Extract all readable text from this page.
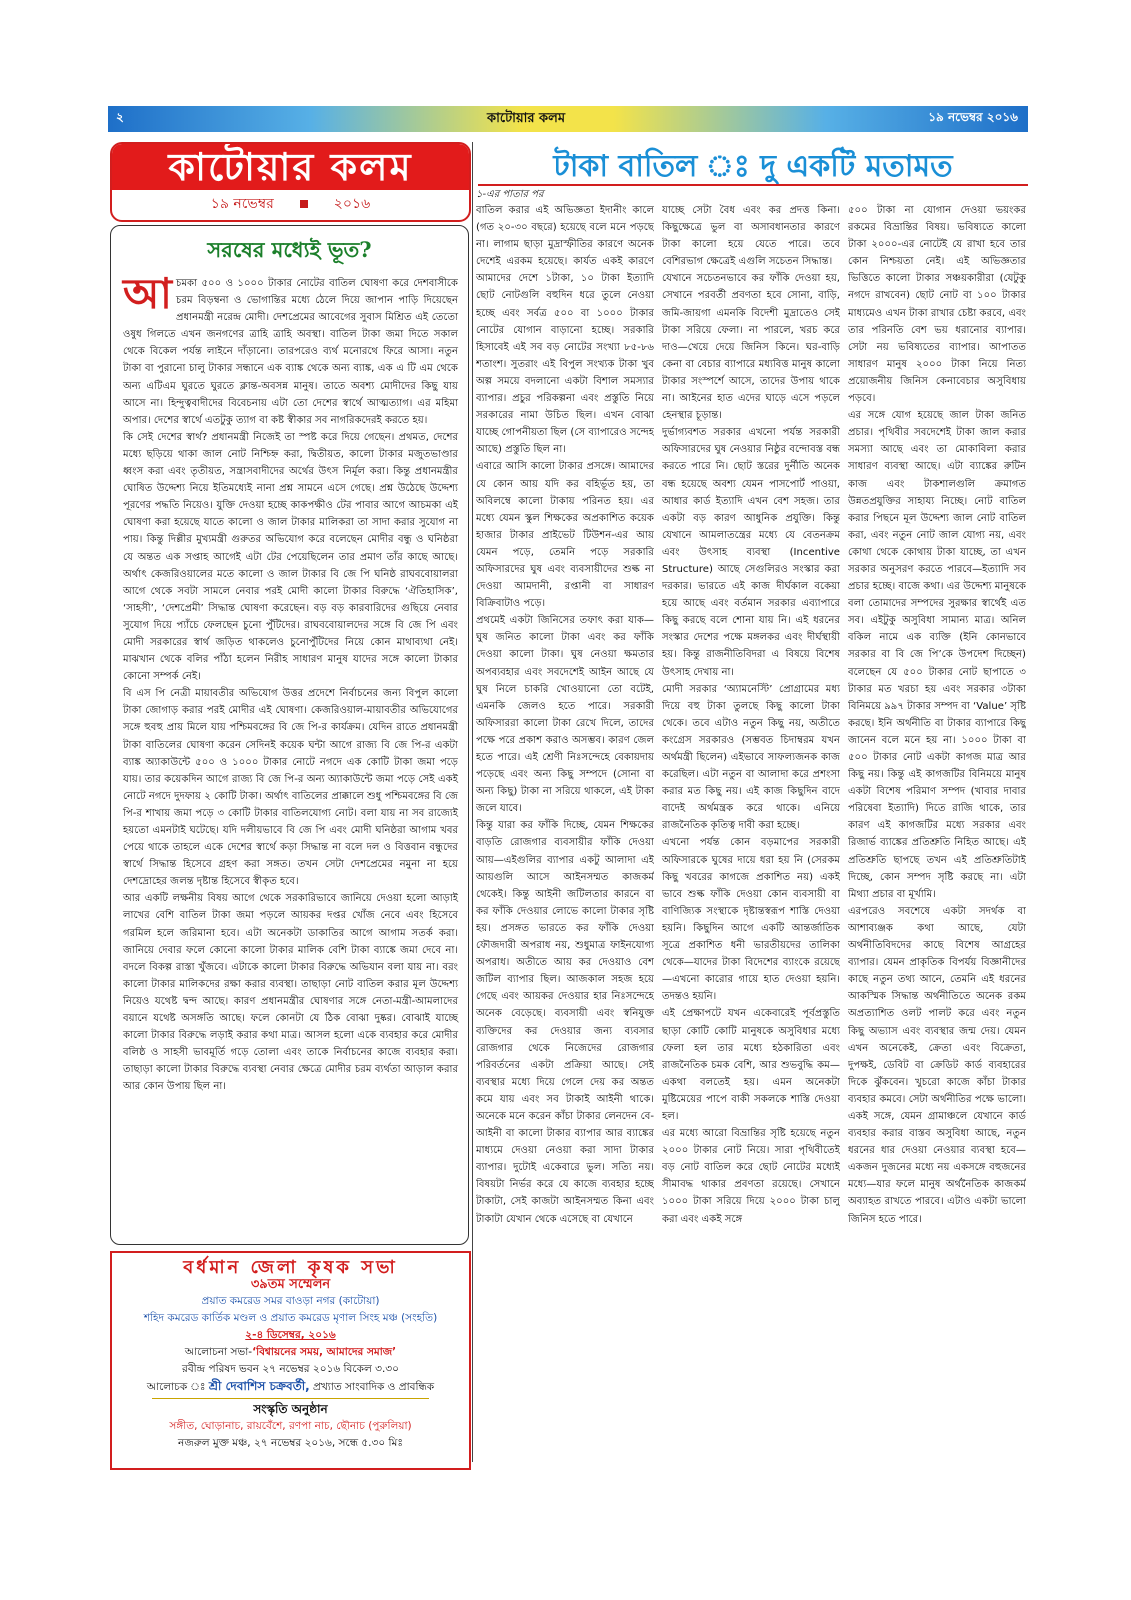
২	কাটোয়ার কলম	১৯ নভেম্বর ২০১৬
কাটোয়ার কলম
১৯ নভেম্বর	২০১৬
সরষের মধ্যেই ভূত?

আচমকা ৫০০ ও ১০০০ টাকার নোটের বাতিল ঘোষণা করে দেশবাসীকে চরম বিড়ম্বনা ও ভোগান্তির মধ্যে ঠেলে দিয়ে জাপান পাড়ি দিয়েছেন প্রধানমন্ত্রী নরেন্দ্র মোদী। দেশপ্রেমের আবেগের সুবাস মিশ্রিত এই তেতো ওষুধ গিলতে এখন জনগণের ত্রাহি ত্রাহি অবস্থা। বাতিল টাকা জমা দিতে সকাল থেকে বিকেল পর্যন্ত লাইনে দাঁড়ানো। তারপরেও ব্যর্থ মনোরথে ফিরে আসা। নতুন টাকা বা পুরানো চালু টাকার সন্ধানে এক ব্যাঙ্ক থেকে অন্য ব্যাঙ্ক, এক এ টি এম থেকে অন্য এটিএম ঘুরতে ঘুরতে ক্লান্ত-অবসন্ন মানুষ। তাতে অবশ্য মোদীদের কিছু যায় আসে না। হিন্দুত্ববাদীদের বিবেচনায় এটা তো দেশের স্বার্থে আত্মত্যাগ। এর মহিমা অপার। দেশের স্বার্থে এতটুকু ত্যাগ বা কষ্ট স্বীকার সব নাগরিকদেরই করতে হয়।

কি সেই দেশের স্বার্থ? প্রধানমন্ত্রী নিজেই তা স্পষ্ট করে দিয়ে গেছেন। প্রথমত, দেশের মধ্যে ছড়িয়ে থাকা জাল নোট নিশ্চিহ্ন করা, দ্বিতীয়ত, কালো টাকার মজুতভাণ্ডার ধ্বংস করা এবং তৃতীয়ত, সন্ত্রাসবাদীদের অর্থের উৎস নির্মূল করা। কিন্তু প্রধানমন্ত্রীর ঘোষিত উদ্দেশ্য নিয়ে ইতিমধ্যেই নানা প্রশ্ন সামনে এসে গেছে। প্রশ্ন উঠেছে উদ্দেশ্য পূরণের পদ্ধতি নিয়েও। যুক্তি দেওয়া হচ্ছে কাকপক্ষীও টের পাবার আগে আচমকা এই ঘোষণা করা হয়েছে যাতে কালো ও জাল টাকার মালিকরা তা সাদা করার সুযোগ না পায়। কিন্তু দিল্লীর মুখ্যমন্ত্রী গুরুতর অভিযোগ করে বলেছেন মোদীর বন্ধু ও ঘনিষ্ঠরা যে অন্তত এক সপ্তাহ আগেই এটা টের পেয়েছিলেন তার প্রমাণ তাঁর কাছে আছে। অর্থাৎ কেজরিওয়ালের মতে কালো ও জাল টাকার বি জে পি ঘনিষ্ঠ রাঘববোয়ালরা আগে থেকে সবটা সামলে নেবার পরই মোদী কালো টাকার বিরুদ্ধে ‘ঐতিহাসিক’, ‘সাহসী’, ‘দেশপ্রেমী’ সিদ্ধান্ত ঘোষণা করেছেন। বড় বড় কারবারিদের গুছিয়ে নেবার সুযোগ দিয়ে প্যাঁচে ফেলছেন চুনো পুঁটিদের। রাঘববোয়ালদের সঙ্গে বি জে পি এবং মোদী সরকারের স্বার্থ জড়িত থাকলেও চুনোপুঁটিদের নিয়ে কোন মাথাব্যথা নেই। মাঝখান থেকে বলির পাঁঠা হলেন নিরীহ সাধারণ মানুষ যাদের সঙ্গে কালো টাকার কোনো সম্পর্ক নেই।

বি এস পি নেত্রী মায়াবতীর অভিযোগ উত্তর প্রদেশে নির্বাচনের জন্য বিপুল কালো টাকা জোগাড় করার পরই মোদীর এই ঘোষণা। কেজরিওয়াল-মায়াবতীর অভিযোগের সঙ্গে হুবহু প্রায় মিলে যায় পশ্চিমবঙ্গের বি জে পি-র কার্যক্রম। যেদিন রাতে প্রধানমন্ত্রী টাকা বাতিলের ঘোষণা করেন সেদিনই কয়েক ঘন্টা আগে রাজ্য বি জে পি-র একটা ব্যাঙ্ক অ্যাকাউন্টে ৫০০ ও ১০০০ টাকার নোটে নগদে এক কোটি টাকা জমা পড়ে যায়। তার কয়েকদিন আগে রাজ্য বি জে পি-র অন্য অ্যাকাউন্টে জমা পড়ে সেই একই নোটে নগদে দুদফায় ২ কোটি টাকা। অর্থাৎ বাতিলের প্রাক্কালে শুধু পশ্চিমবঙ্গের বি জে পি-র শাখায় জমা পড়ে ৩ কোটি টাকার বাতিলযোগ্য নোট। বলা যায় না সব রাজ্যেই হয়তো এমনটাই ঘটেছে। যদি দলীয়ভাবে বি জে পি এবং মোদী ঘনিষ্ঠরা আগাম খবর পেয়ে থাকে তাহলে একে দেশের স্বার্থে কড়া সিদ্ধান্ত না বলে দল ও বিত্তবান বন্ধুদের স্বার্থে সিদ্ধান্ত হিসেবে গ্রহণ করা সঙ্গত। তখন সেটা দেশপ্রেমের নমুনা না হয়ে দেশদ্রোহের জলন্ত দৃষ্টান্ত হিসেবে স্বীকৃত হবে।

আর একটি লক্ষনীয় বিষয় আগে থেকে সরকারিভাবে জানিয়ে দেওয়া হলো আড়াই লাখের বেশি বাতিল টাকা জমা পড়লে আয়কর দপ্তর খোঁজ নেবে এবং হিসেবে গরমিল হলে জরিমানা হবে। এটা অনেকটা ডাকাতির আগে আগাম সতর্ক করা। জানিয়ে দেবার ফলে কোনো কালো টাকার মালিক বেশি টাকা ব্যাঙ্কে জমা দেবে না। বদলে বিকল্প রাস্তা খুঁজবে। এটাকে কালো টাকার বিরুদ্ধে অভিযান বলা যায় না। বরং কালো টাকার মালিকদের রক্ষা করার ব্যবস্থা। তাছাড়া নোট বাতিল করার মূল উদ্দেশ্য নিয়েও যথেষ্ট দ্বন্দ আছে। কারণ প্রধানমন্ত্রীর ঘোষণার সঙ্গে নেতা-মন্ত্রী-আমলাদের বয়ানে যথেষ্ট অসঙ্গতি আছে। ফলে কোনটা যে ঠিক বোঝা দুষ্কর। বোঝাই যাচ্ছে কালো টাকার বিরুদ্ধে লড়াই করার কথা মাত্র। আসল হলো একে ব্যবহার করে মোদীর বলিষ্ঠ ও সাহসী ভাবমূর্তি গড়ে তোলা এবং তাকে নির্বাচনের কাজে ব্যবহার করা। তাছাড়া কালো টাকার বিরুদ্ধে ব্যবস্থা নেবার ক্ষেত্রে মোদীর চরম ব্যর্থতা আড়াল করার আর কোন উপায় ছিল না।

বর্ধমান জেলা কৃষক সভা
৩৯তম সম্মেলন
প্রয়াত কমরেড সমর বাওড়া নগর (কাটোয়া)
শহিদ কমরেড কার্তিক মণ্ডল ও প্রয়াত কমরেড মৃণাল সিংহ মঞ্চ (সংহতি)
২-৪ ডিসেম্বর, ২০১৬
আলোচনা সভা-‘বিশ্বায়নের সময়, আমাদের সমাজ’
রবীন্দ্র পরিষদ ভবন ২৭ নভেম্বর ২০১৬ বিকেল ৩.৩০
আলোচক ঃ শ্রী দেবাশিস চক্রবর্তী, প্রখ্যাত সাংবাদিক ও প্রাবন্ধিক
সংস্কৃতি অনুষ্ঠান
সঙ্গীত, ঘোড়ানাচ, রায়বেঁশে, রণপা নাচ, ছৌনাচ (পুরুলিয়া)
নজরুল মুক্ত মঞ্চ, ২৭ নভেম্বর ২০১৬, সন্ধে ৫.৩০ মিঃ
টাকা বাতিল ঃ দু একটি মতামত
১-এর পাতার পর

বাতিল করার এই অভিজ্ঞতা ইদানীং কালে (গত ২০-৩০ বছরে) হয়েছে বলে মনে পড়ছে না। লাগাম ছাড়া মুদ্রাস্ফীতির কারণে অনেক দেশেই এরকম হয়েছে। কার্যত একই কারণে আমাদের দেশে ১টাকা, ১০ টাকা ইত্যাদি ছোট নোটগুলি বহুদিন ধরে তুলে নেওয়া হচ্ছে এবং সর্বত্র ৫০০ বা ১০০০ টাকার নোটের যোগান বাড়ানো হচ্ছে। সরকারি হিসাবেই এই সব বড় নোটের সংখ্যা ৮৫-৮৬ শতাংশ। সুতরাং এই বিপুল সংখ্যক টাকা খুব অল্প সময়ে বদলানো একটা বিশাল সমস্যার ব্যাপার। প্রচুর পরিকল্পনা এবং প্রস্তুতি নিয়ে সরকারের নামা উচিত ছিল। এখন বোঝা যাচ্ছে গোপনীয়তা ছিল (সে ব্যাপারেও সন্দেহ আছে) প্রস্তুতি ছিল না।

এবারে আসি কালো টাকার প্রসঙ্গে। আমাদের যে কোন আয় যদি কর বহির্ভূত হয়, তা অবিলম্বে কালো টাকায় পরিনত হয়। এর মধ্যে যেমন স্কুল শিক্ষকের অপ্রকাশিত কয়েক হাজার টাকার প্রাইভেট টিউশন-এর আয় যেমন পড়ে, তেমনি পড়ে সরকারি অফিসারদের ঘুষ এবং ব্যবসায়ীদের শুল্ক না দেওয়া আমদানী, রপ্তানী বা সাধারণ বিক্রিবাটাও পড়ে।

প্রথমেই একটা জিনিসের তফাৎ করা যাক— ঘুষ জনিত কালো টাকা এবং কর ফাঁকি দেওয়া কালো টাকা। ঘুষ নেওয়া ক্ষমতার অপব্যবহার এবং সবদেশেই আইন আছে যে ঘুষ নিলে চাকরি খোওয়ানো তো বটেই, এমনকি জেলও হতে পারে। সরকারী অফিসাররা কালো টাকা রেখে দিলে, তাদের পক্ষে পরে প্রকাশ করাও অসম্ভব। কারণ জেল হতে পারে। এই শ্রেণী নিঃসন্দেহে বেকায়দায় পড়েছে এবং অন্য কিছু সম্পদে (সোনা বা অন্য কিছু) টাকা না সরিয়ে থাকলে, এই টাকা জলে যাবে।

কিন্তু যারা কর ফাঁকি দিচ্ছে, যেমন শিক্ষকের বাড়তি রোজগার ব্যবসায়ীর ফাঁকি দেওয়া আয়—এইগুলির ব্যাপার একটু আলাদা এই আয়গুলি আসে আইনসম্মত কাজকর্ম থেকেই। কিন্তু আইনী জটিলতার কারনে বা কর ফাঁকি দেওয়ার লোভে কালো টাকার সৃষ্টি হয়। প্রসঙ্গত ভারতে কর ফাঁকি দেওয়া ফৌজদারী অপরাধ নয়, শুধুমাত্র ফাইনযোগ্য অপরাধ। অতীতে আয় কর দেওয়াও বেশ জটিল ব্যাপার ছিল। আজকাল সহজ হয়ে গেছে এবং আয়কর দেওয়ার হার নিঃসন্দেহে অনেক বেড়েছে। ব্যবসায়ী এবং স্বনিযুক্ত ব্যক্তিদের কর দেওয়ার জন্য ব্যবসার রোজগার থেকে নিজেদের রোজগার পরিবর্তনের একটা প্রক্রিয়া আছে। সেই ব্যবস্থার মধ্যে দিয়ে গেলে দেয় কর অন্তত কমে যায় এবং সব টাকাই আইনী থাকে। অনেকে মনে করেন কাঁচা টাকার লেনদেন বে-আইনী বা কালো টাকার ব্যাপার আর ব্যাঙ্কের মাধ্যমে দেওয়া নেওয়া করা সাদা টাকার ব্যাপার। দুটোই একেবারে ভুল। সত্যি নয়। বিষয়টা নির্ভর করে যে কাজে ব্যবহার হচ্ছে টাকাটা, সেই কাজটা আইনসম্মত কিনা এবং টাকাটা যেখান থেকে এসেছে বা যেখানে

যাচ্ছে সেটা বৈধ এবং কর প্রদত্ত কিনা। কিছুক্ষেত্রে ভুল বা অসাবধানতার কারণে টাকা কালো হয়ে যেতে পারে। তবে বেশিরভাগ ক্ষেত্রেই এগুলি সচেতন সিদ্ধান্ত।

যেখানে সচেতনভাবে কর ফাঁকি দেওয়া হয়, সেখানে পরবর্তী প্রবণতা হবে সোনা, বাড়ি, জমি-জায়গা এমনকি বিদেশী মুদ্রাতেও সেই টাকা সরিয়ে ফেলা। না পারলে, খরচ করে দাও—খেয়ে দেয়ে জিনিস কিনে। ঘর-বাড়ি কেনা বা বেচার ব্যাপারে মধ্যবিত্ত মানুষ কালো টাকার সংস্পর্শে আসে, তাদের উপায় থাকে না। আইনের হাত এদের ঘাড়ে এসে পড়লে হেনস্থার চূড়ান্ত।

দুর্ভাগ্যবশত সরকার এখনো পর্যন্ত সরকারী অফিসারদের ঘুষ নেওয়ার নিষ্ঠুর বন্দোবস্ত বন্ধ করতে পারে নি। ছোট স্তরের দুর্নীতি অনেক বন্ধ হয়েছে অবশ্য যেমন পাসপোর্ট পাওয়া, আধার কার্ড ইত্যাদি এখন বেশ সহজ। তার একটা বড় কারণ আধুনিক প্রযুক্তি। কিন্তু যেখানে আমলাতন্ত্রের মধ্যে যে বেতনক্রম এবং উৎসাহ ব্যবস্থা (Incentive Structure) আছে সেগুলিরও সংস্কার করা দরকার। ভারতে এই কাজ দীর্ঘকাল বকেয়া হয়ে আছে এবং বর্তমান সরকার এব্যাপারে কিছু করছে বলে শোনা যায় নি। এই ধরনের সংস্কার দেশের পক্ষে মঙ্গলকর এবং দীর্ঘস্থায়ী হয়। কিন্তু রাজনীতিবিদরা এ বিষয়ে বিশেষ উৎসাহ দেখায় না।

মোদী সরকার ‘অ্যামনেস্টি’ প্রোগ্রামের মধ্য দিয়ে বহু টাকা তুলছে কিছু কালো টাকা থেকে। তবে এটাও নতুন কিছু নয়, অতীতে কংগ্রেস সরকারও (সম্ভবত চিদাম্বরম যখন অর্থমন্ত্রী ছিলেন) এইভাবে সাফল্যজনক কাজ করেছিল। এটা নতুন বা আলাদা করে প্রশংসা করার মত কিছু নয়। এই কাজ কিছুদিন বাদে বাদেই অর্থমন্ত্রক করে থাকে। এনিয়ে রাজনৈতিক কৃতিত্ব দাবী করা হচ্ছে।

এখনো পর্যন্ত কোন বড়মাপের সরকারী অফিসারকে ঘুষের দায়ে ধরা হয় নি (সেরকম কিছু খবরের কাগজে প্রকাশিত নয়) একই ভাবে শুল্ক ফাঁকি দেওয়া কোন ব্যবসায়ী বা বাণিজ্যিক সংস্থাকে দৃষ্টান্তস্বরূপ শাস্তি দেওয়া হয়নি। কিছুদিন আগে একটি আন্তর্জাতিক সূত্রে প্রকাশিত ধনী ভারতীয়দের তালিকা থেকে—যাদের টাকা বিদেশের ব্যাংকে রয়েছে—এখনো কারোর গায়ে হাত দেওয়া হয়নি। তদন্তও হয়নি।

এই প্রেক্ষাপটে যখন একেবারেই পূর্বপ্রস্তুতি ছাড়া কোটি কোটি মানুষকে অসুবিধার মধ্যে ফেলা হল তার মধ্যে হঠকারিতা এবং রাজনৈতিক চমক বেশি, আর শুভবুদ্ধি কম—একথা বলতেই হয়। এমন অনেকটা মুষ্টিমেয়ের পাপে বাকী সকলকে শাস্তি দেওয়া হল।

এর মধ্যে আরো বিভ্রান্তির সৃষ্টি হয়েছে নতুন ২০০০ টাকার নোট নিয়ে। সারা পৃথিবীতেই বড় নোট বাতিল করে ছোট নোটের মধ্যেই সীমাবদ্ধ থাকার প্রবণতা রয়েছে। সেখানে ১০০০ টাকা সরিয়ে দিয়ে ২০০০ টাকা চালু করা এবং একই সঙ্গে

৫০০ টাকা না যোগান দেওয়া ভয়ংকর রকমের বিভ্রান্তির বিষয়। ভবিষ্যতে কালো টাকা ২০০০-এর নোটেই যে রাখা হবে তার কোন নিশ্চয়তা নেই। এই অভিজ্ঞতার ভিত্তিতে কালো টাকার সঞ্চয়কারীরা (যেটুকু নগদে রাখবেন) ছোট নোট বা ১০০ টাকার মাধ্যমেও এখন টাকা রাখার চেষ্টা করবে, এবং তার পরিনতি বেশ ভয় ধরানোর ব্যাপার। সেটা নয় ভবিষ্যতের ব্যাপার। আপাতত সাধারণ মানুষ ২০০০ টাকা নিয়ে নিত্য প্রয়োজনীয় জিনিস কেনাবেচার অসুবিধায় পড়বে।

এর সঙ্গে যোগ হয়েছে জাল টাকা জনিত প্রচার। পৃথিবীর সবদেশেই টাকা জাল করার সমস্যা আছে এবং তা মোকাবিলা করার সাধারণ ব্যবস্থা আছে। এটা ব্যাঙ্কের রুটিন কাজ এবং টাকশালগুলি ক্রমাগত উন্নতপ্রযুক্তির সাহায্য নিচ্ছে। নোট বাতিল করার পিছনে মূল উদ্দেশ্য জাল নোট বাতিল করা, এবং নতুন নোট জাল যোগ্য নয়, এবং কোথা থেকে কোথায় টাকা যাচ্ছে, তা এখন সরকার অনুসরণ করতে পারবে—ইত্যাদি সব প্রচার হচ্ছে। বাজে কথা। এর উদ্দেশ্য মানুষকে বলা তোমাদের সম্পদের সুরক্ষার স্বার্থেই এত সব। এইটুকু অসুবিধা সামান্য মাত্র। অনিল বকিল নামে এক ব্যক্তি (ইনি কোনভাবে সরকার বা বি জে পি’কে উপদেশ দিচ্ছেন) বলেছেন যে ৫০০ টাকার নোট ছাপাতে ৩ টাকার মত খরচা হয় এবং সরকার ৩টাকা বিনিময়ে ৯৯৭ টাকার সম্পদ বা ‘Value’ সৃষ্টি করছে। ইনি অর্থনীতি বা টাকার ব্যাপারে কিছু জানেন বলে মনে হয় না। ১০০০ টাকা বা ৫০০ টাকার নোট একটা কাগজ মাত্র আর কিছু নয়। কিন্তু এই কাগজটির বিনিময়ে মানুষ একটা বিশেষ পরিমাণ সম্পদ (খাবার দাবার পরিষেবা ইত্যাদি) দিতে রাজি থাকে, তার কারণ এই কাগজটির মধ্যে সরকার এবং রিজার্ভ ব্যাঙ্কের প্রতিশ্রুতি নিহিত আছে। এই প্রতিশ্রুতি ছাপছে তখন এই প্রতিশ্রুতিটাই দিচ্ছে, কোন সম্পদ সৃষ্টি করছে না। এটা মিথ্যা প্রচার বা মূর্খামি।

এরপরেও সবশেষে একটা সদর্থক বা আশাব্যঞ্জক কথা আছে, যেটা অর্থনীতিবিদদের কাছে বিশেষ আগ্রহের ব্যাপার। যেমন প্রাকৃতিক বিপর্যয় বিজ্ঞানীদের কাছে নতুন তথ্য আনে, তেমনি এই ধরনের আকস্মিক সিদ্ধান্ত অর্থনীতিতে অনেক রকম অপ্রত্যাশিত ওলট পালট করে এবং নতুন কিছু অভ্যাস এবং ব্যবস্থার জন্ম দেয়। যেমন এখন অনেকেই, ক্রেতা এবং বিক্রেতা, দুপক্ষই, ডেবিট বা ক্রেডিট কার্ড ব্যবহারের দিকে ঝুঁকবেন। খুচরো কাজে কাঁচা টাকার ব্যবহার কমবে। সেটা অর্থনীতির পক্ষে ভালো। একই সঙ্গে, যেমন গ্রামাঞ্চলে যেখানে কার্ড ব্যবহার করার বাস্তব অসুবিধা আছে, নতুন ধরনের ধার দেওয়া নেওয়ার ব্যবস্থা হবে— একজন দুজনের মধ্যে নয় একসঙ্গে বহুজনের মধ্যে—যার ফলে মানুষ অর্থনৈতিক কাজকর্ম অব্যাহত রাখতে পারবে। এটাও একটা ভালো জিনিস হতে পারে।
